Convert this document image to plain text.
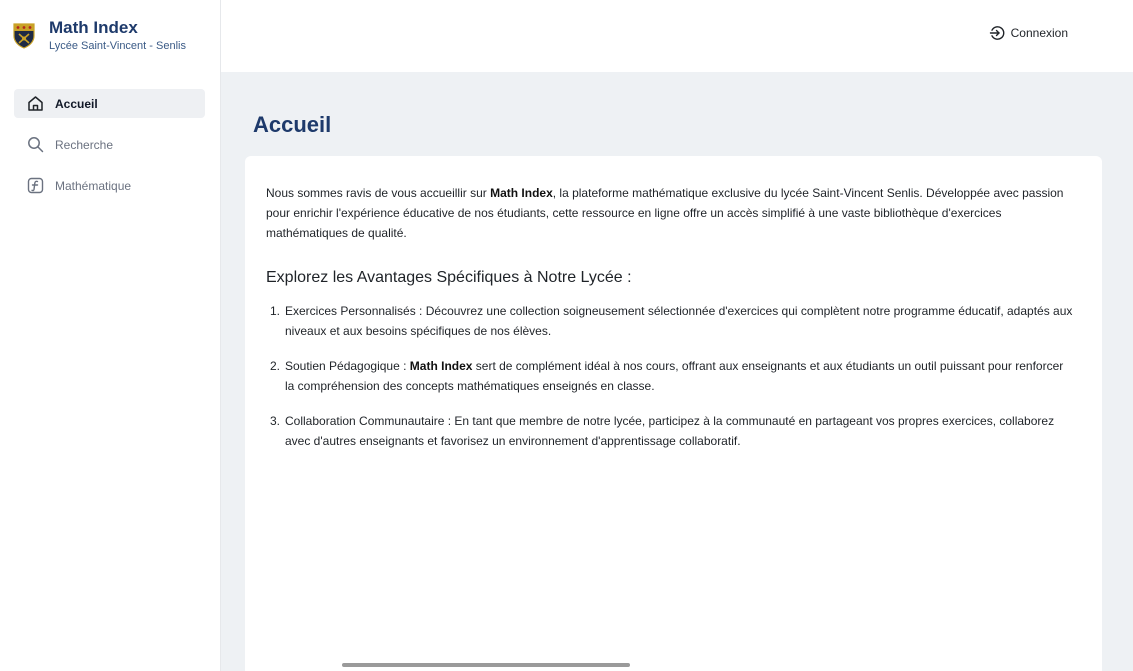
Math Index
Lycée Saint-Vincent - Senlis
Accueil
Recherche
Mathématique
Connexion
Accueil

Nous sommes ravis de vous accueillir sur Math Index, la plateforme mathématique exclusive du lycée Saint-Vincent Senlis. Développée avec passion pour enrichir l'expérience éducative de nos étudiants, cette ressource en ligne offre un accès simplifié à une vaste bibliothèque d'exercices mathématiques de qualité.

Explorez les Avantages Spécifiques à Notre Lycée :
1. Exercices Personnalisés : Découvrez une collection soigneusement sélectionnée d'exercices qui complètent notre programme éducatif, adaptés aux niveaux et aux besoins spécifiques de nos élèves.
2. Soutien Pédagogique : Math Index sert de complément idéal à nos cours, offrant aux enseignants et aux étudiants un outil puissant pour renforcer la compréhension des concepts mathématiques enseignés en classe.
3. Collaboration Communautaire : En tant que membre de notre lycée, participez à la communauté en partageant vos propres exercices, collaborez avec d'autres enseignants et favorisez un environnement d'apprentissage collaboratif.
